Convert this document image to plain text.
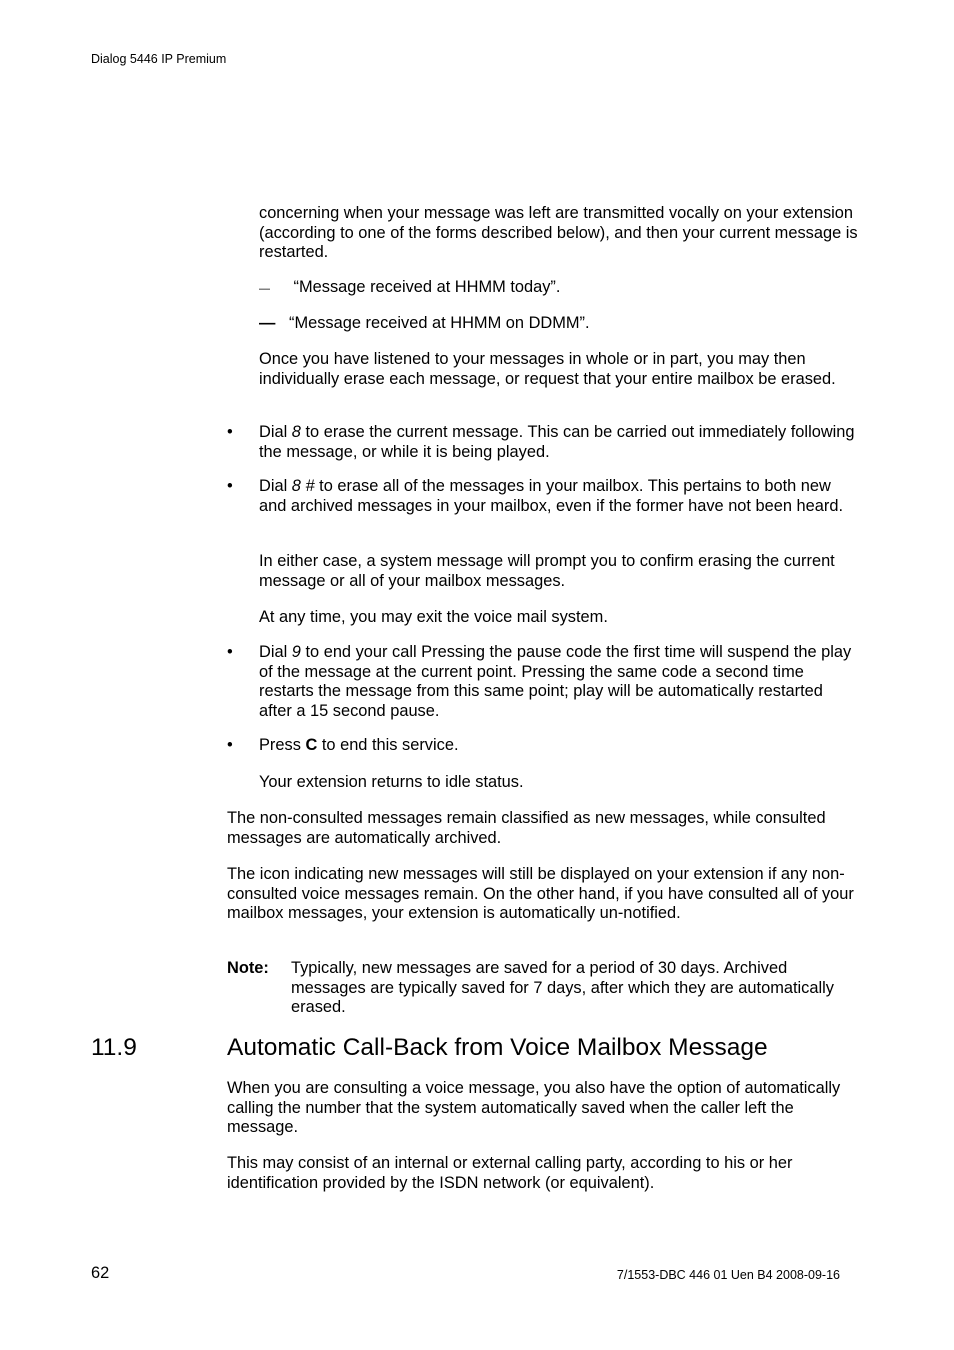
Dialog 5446 IP Premium

concerning when your message was left are transmitted vocally on your extension (according to one of the forms described below), and then your current message is restarted.

— “Message received at HHMM today”.
— “Message received at HHMM on DDMM”.

Once you have listened to your messages in whole or in part, you may then individually erase each message, or request that your entire mailbox be erased.

• Dial 8 to erase the current message. This can be carried out immediately following the message, or while it is being played.

• Dial 8 # to erase all of the messages in your mailbox. This pertains to both new and archived messages in your mailbox, even if the former have not been heard.

In either case, a system message will prompt you to confirm erasing the current message or all of your mailbox messages.

At any time, you may exit the voice mail system.

• Dial 9 to end your call Pressing the pause code the first time will suspend the play of the message at the current point. Pressing the same code a second time restarts the message from this same point; play will be automatically restarted after a 15 second pause.

• Press C to end this service.

Your extension returns to idle status.

The non-consulted messages remain classified as new messages, while consulted messages are automatically archived.

The icon indicating new messages will still be displayed on your extension if any non-consulted voice messages remain. On the other hand, if you have consulted all of your mailbox messages, your extension is automatically un-notified.

Note: Typically, new messages are saved for a period of 30 days. Archived messages are typically saved for 7 days, after which they are automatically erased.

11.9	Automatic Call-Back from Voice Mailbox Message

When you are consulting a voice message, you also have the option of automatically calling the number that the system automatically saved when the caller left the message.

This may consist of an internal or external calling party, according to his or her identification provided by the ISDN network (or equivalent).

62	7/1553-DBC 446 01 Uen B4 2008-09-16
